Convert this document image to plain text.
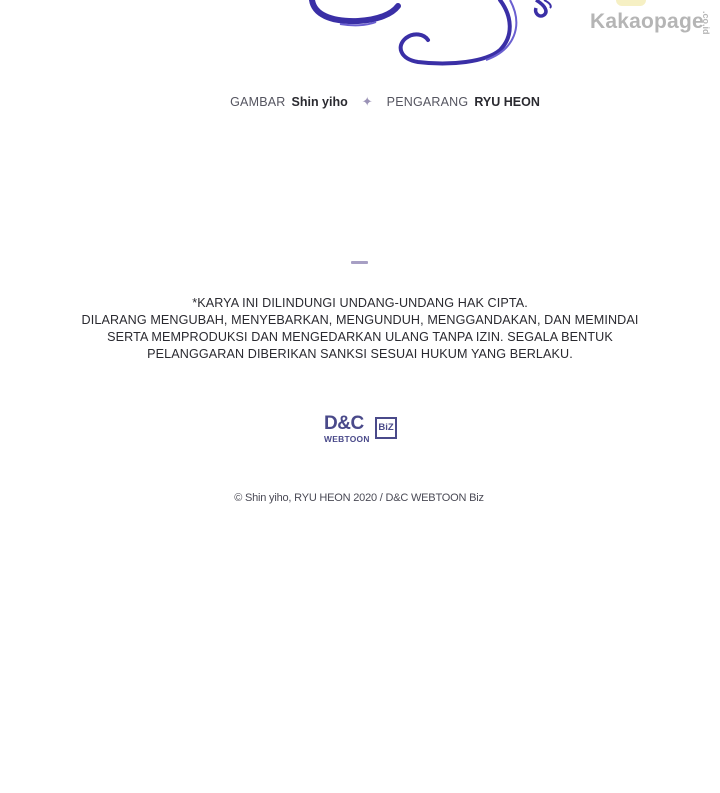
Kakaopage
.co.id
GAMBAR Shin yiho ✦ PENGARANG RYU HEON
*KARYA INI DILINDUNGI UNDANG-UNDANG HAK CIPTA.
DILARANG MENGUBAH, MENYEBARKAN, MENGUNDUH, MENGGANDAKAN, DAN MEMINDAI
SERTA MEMPRODUKSI DAN MENGEDARKAN ULANG TANPA IZIN. SEGALA BENTUK
PELANGGARAN DIBERIKAN SANKSI SESUAI HUKUM YANG BERLAKU.
D&C
WEBTOON
BiZ
© Shin yiho, RYU HEON 2020 / D&C WEBTOON Biz
